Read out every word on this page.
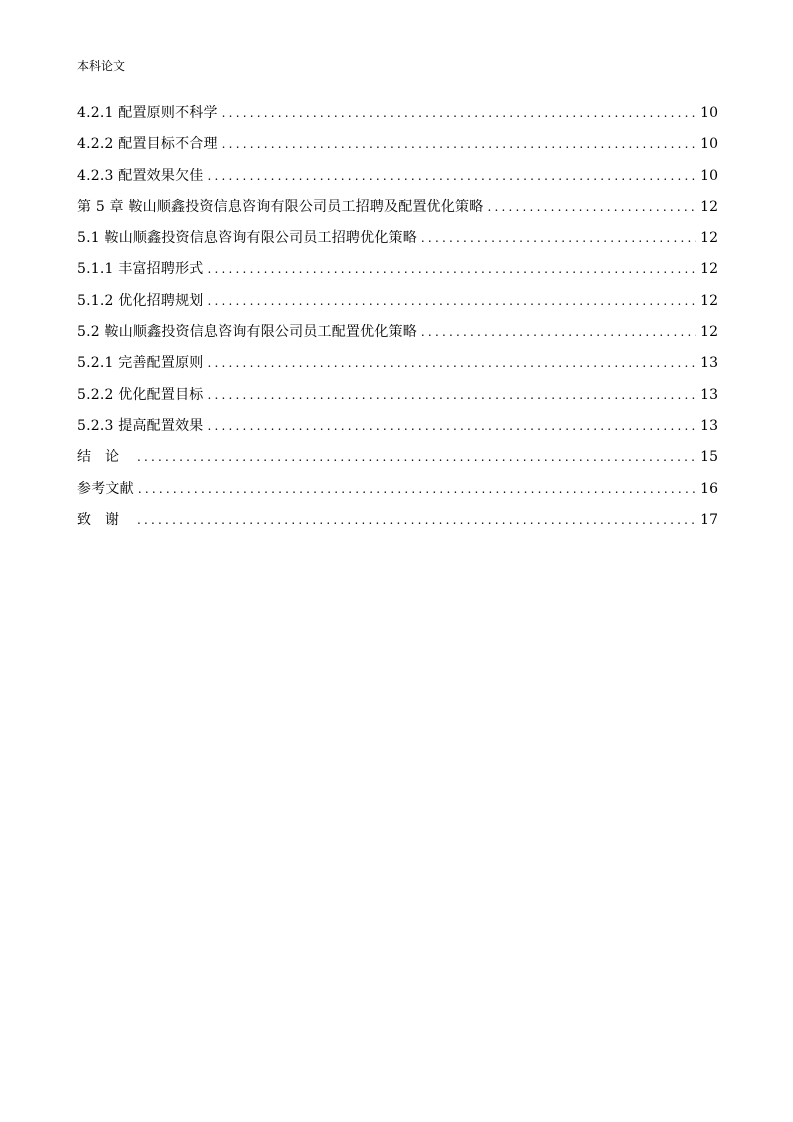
本科论文
4.2.1 配置原则不科学 .....	10
4.2.2 配置目标不合理 .....	10
4.2.3 配置效果欠佳 .....	10
第 5 章 鞍山顺鑫投资信息咨询有限公司员工招聘及配置优化策略 .....	12
5.1 鞍山顺鑫投资信息咨询有限公司员工招聘优化策略 .....	12
5.1.1 丰富招聘形式 .....	12
5.1.2 优化招聘规划 .....	12
5.2 鞍山顺鑫投资信息咨询有限公司员工配置优化策略 .....	12
5.2.1 完善配置原则 .....	13
5.2.2 优化配置目标 .....	13
5.2.3 提高配置效果 .....	13
结论 .....	15
参考文献 .....	16
致谢 .....	17
